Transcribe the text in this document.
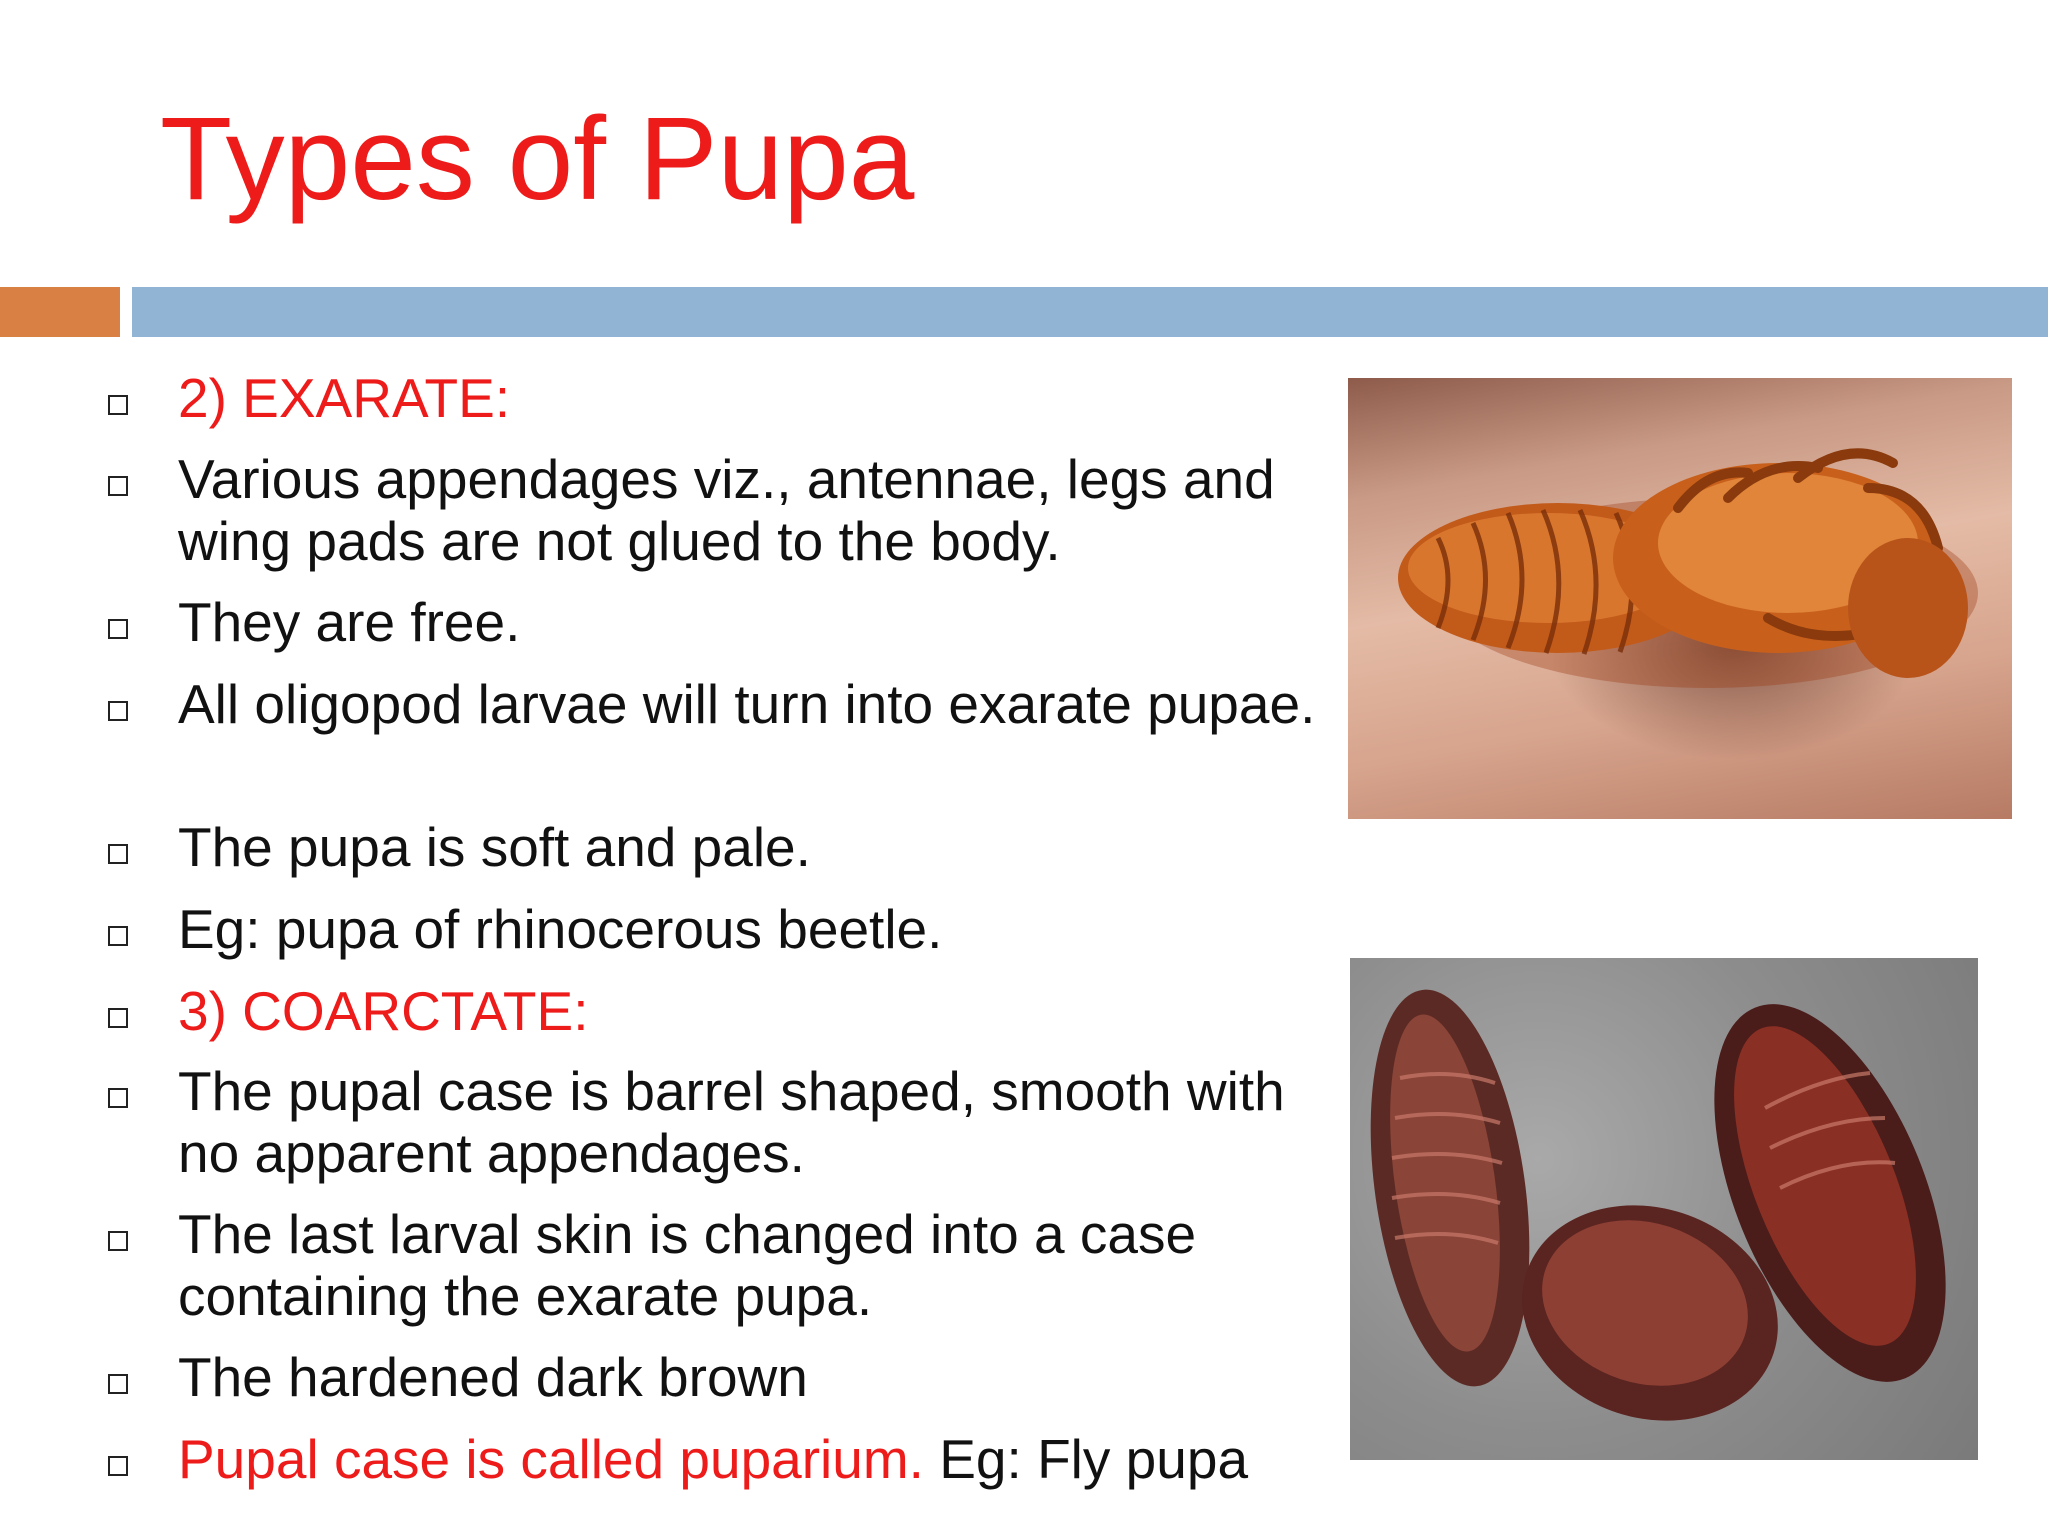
Types of Pupa
2) EXARATE:
Various appendages viz., antennae, legs and wing pads are not glued to the body.
They are free.
All oligopod larvae will turn into exarate pupae.
The pupa is soft and pale.
Eg: pupa of rhinocerous beetle.
3) COARCTATE:
The pupal case is barrel shaped, smooth with no apparent appendages.
The last larval skin is changed into a case containing the exarate pupa.
The hardened dark brown
Pupal case is called puparium. Eg: Fly pupa
